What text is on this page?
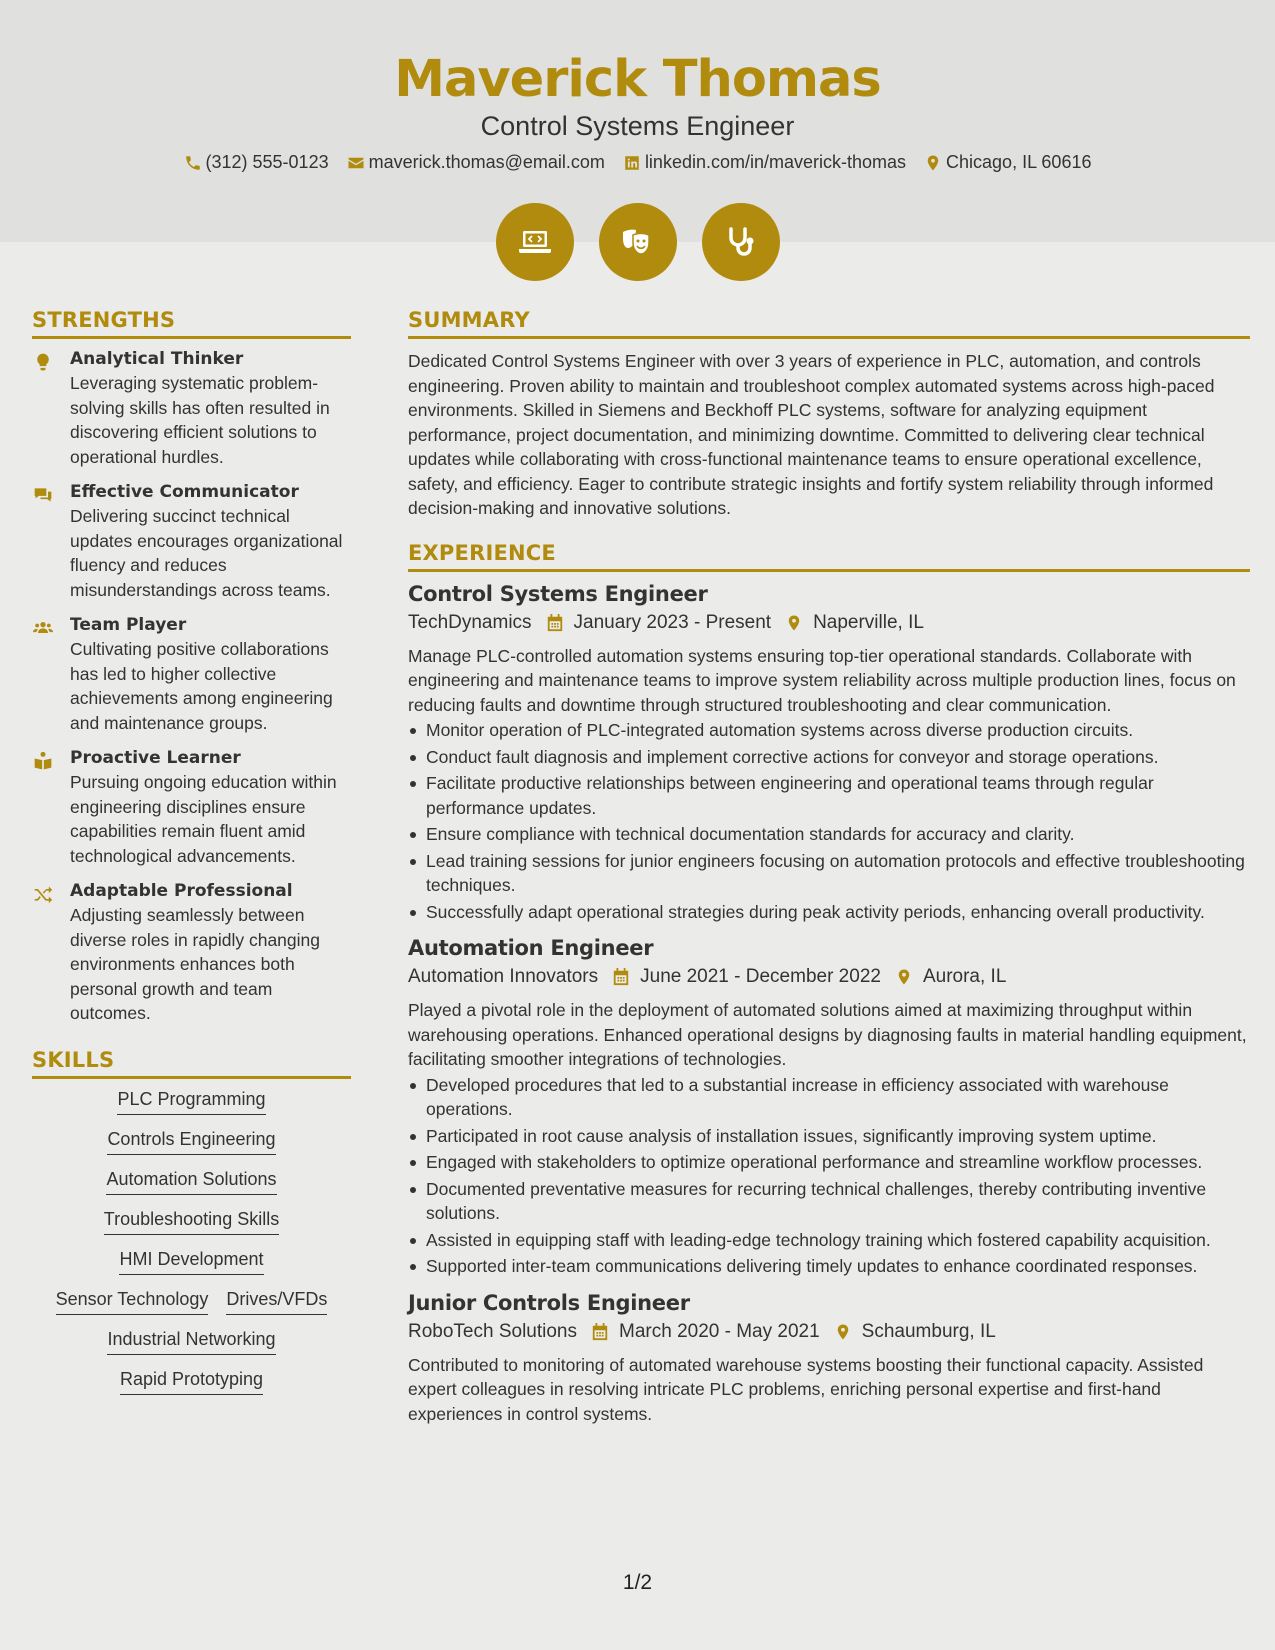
Maverick Thomas
Control Systems Engineer
(312) 555-0123 maverick.thomas@email.com linkedin.com/in/maverick-thomas Chicago, IL 60616
STRENGTHS
Analytical Thinker

Leveraging systematic problem-solving skills has often resulted in discovering efficient solutions to operational hurdles.

Effective Communicator

Delivering succinct technical updates encourages organizational fluency and reduces misunderstandings across teams.

Team Player

Cultivating positive collaborations has led to higher collective achievements among engineering and maintenance groups.

Proactive Learner

Pursuing ongoing education within engineering disciplines ensure capabilities remain fluent amid technological advancements.

Adaptable Professional

Adjusting seamlessly between diverse roles in rapidly changing environments enhances both personal growth and team outcomes.

SKILLS
PLC Programming
Controls Engineering
Automation Solutions
Troubleshooting Skills
HMI Development
Sensor Technology Drives/VFDs
Industrial Networking
Rapid Prototyping
SUMMARY

Dedicated Control Systems Engineer with over 3 years of experience in PLC, automation, and controls engineering. Proven ability to maintain and troubleshoot complex automated systems across high-paced environments. Skilled in Siemens and Beckhoff PLC systems, software for analyzing equipment performance, project documentation, and minimizing downtime. Committed to delivering clear technical updates while collaborating with cross-functional maintenance teams to ensure operational excellence, safety, and efficiency. Eager to contribute strategic insights and fortify system reliability through informed decision-making and innovative solutions.

EXPERIENCE
Control Systems Engineer
TechDynamics January 2023 - Present Naperville, IL

Manage PLC-controlled automation systems ensuring top-tier operational standards. Collaborate with engineering and maintenance teams to improve system reliability across multiple production lines, focus on reducing faults and downtime through structured troubleshooting and clear communication.

Monitor operation of PLC-integrated automation systems across diverse production circuits.
Conduct fault diagnosis and implement corrective actions for conveyor and storage operations.
Facilitate productive relationships between engineering and operational teams through regular performance updates.
Ensure compliance with technical documentation standards for accuracy and clarity.
Lead training sessions for junior engineers focusing on automation protocols and effective troubleshooting techniques.
Successfully adapt operational strategies during peak activity periods, enhancing overall productivity.
Automation Engineer
Automation Innovators June 2021 - December 2022 Aurora, IL

Played a pivotal role in the deployment of automated solutions aimed at maximizing throughput within warehousing operations. Enhanced operational designs by diagnosing faults in material handling equipment, facilitating smoother integrations of technologies.

Developed procedures that led to a substantial increase in efficiency associated with warehouse operations.
Participated in root cause analysis of installation issues, significantly improving system uptime.
Engaged with stakeholders to optimize operational performance and streamline workflow processes.
Documented preventative measures for recurring technical challenges, thereby contributing inventive solutions.
Assisted in equipping staff with leading-edge technology training which fostered capability acquisition.
Supported inter-team communications delivering timely updates to enhance coordinated responses.
Junior Controls Engineer
RoboTech Solutions March 2020 - May 2021 Schaumburg, IL

Contributed to monitoring of automated warehouse systems boosting their functional capacity. Assisted expert colleagues in resolving intricate PLC problems, enriching personal expertise and first-hand experiences in control systems.

1/2
